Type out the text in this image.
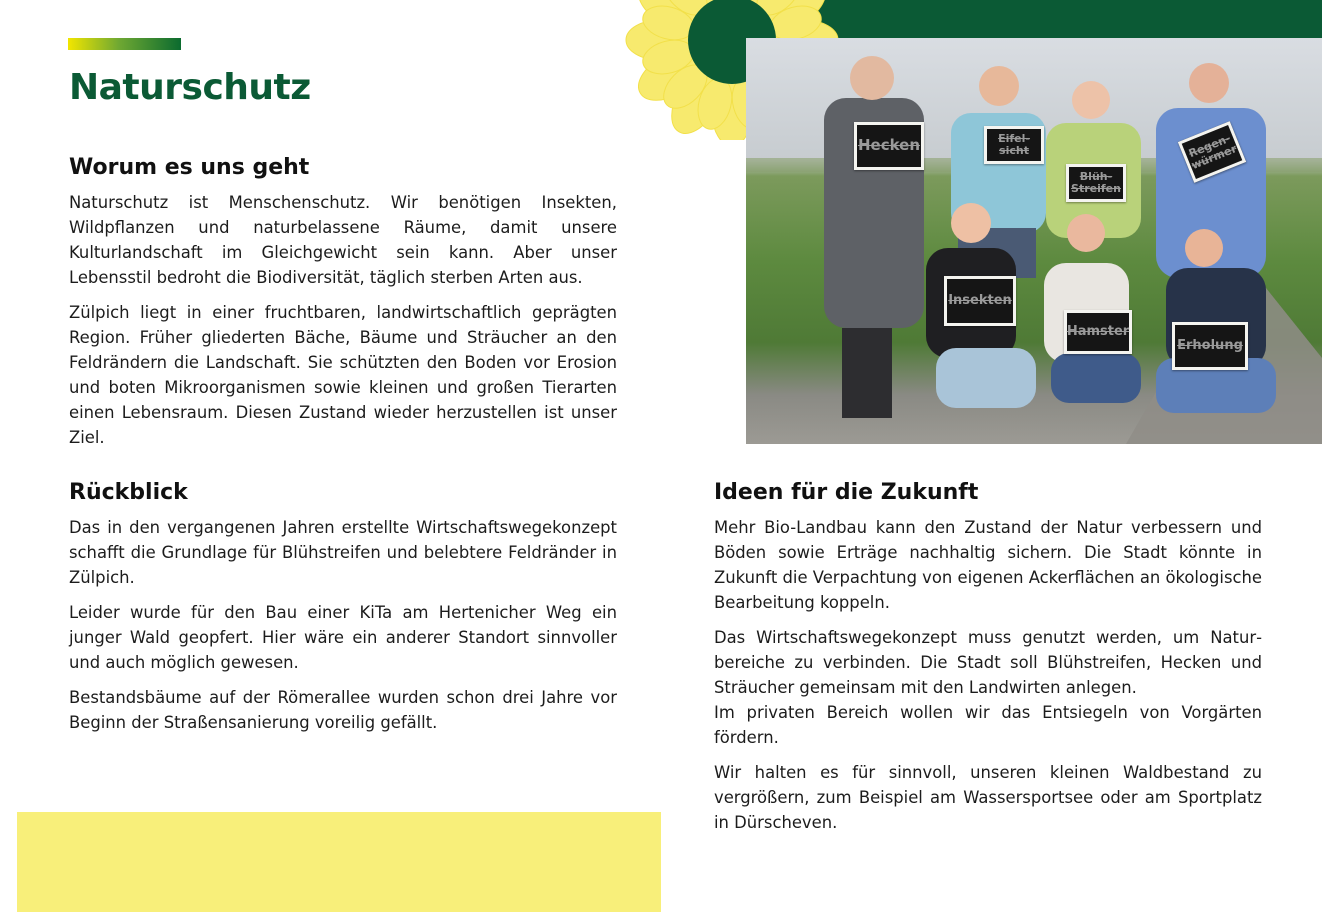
Naturschutz
Worum es uns geht

Naturschutz ist Menschenschutz. Wir benötigen Insekten, Wildpflanzen und naturbelassene Räume, damit unsere Kulturlandschaft im Gleichgewicht sein kann. Aber unser Lebensstil bedroht die Biodiversität, täglich sterben Arten aus.

Zülpich liegt in einer fruchtbaren, landwirtschaftlich geprägten Region. Früher gliederten Bäche, Bäume und Sträucher an den Feldrändern die Landschaft. Sie schützten den Boden vor Erosion und boten Mikroorganismen sowie kleinen und großen Tierarten einen Lebensraum. Diesen Zustand wieder herzustellen ist unser Ziel.

Rückblick

Das in den vergangenen Jahren erstellte Wirtschaftswegekonzept schafft die Grundlage für Blühstreifen und belebtere Feldränder in Zülpich.

Leider wurde für den Bau einer KiTa am Hertenicher Weg ein junger Wald geopfert. Hier wäre ein anderer Standort sinnvoller und auch möglich gewesen.

Bestandsbäume auf der Römerallee wurden schon drei Jahre vor Beginn der Straßensanierung voreilig gefällt.

Hecken	Eifel-sicht
Blüh-Streifen
Regen-würmer
Insekten
Hamster
Erholung
Ideen für die Zukunft

Mehr Bio-Landbau kann den Zustand der Natur verbessern und Böden sowie Erträge nachhaltig sichern. Die Stadt könnte in Zukunft die Verpachtung von eigenen Ackerflächen an ökologische Bearbeitung koppeln.

Das Wirtschaftswegekonzept muss genutzt werden, um Naturbereiche zu verbinden. Die Stadt soll Blühstreifen, Hecken und Sträucher gemeinsam mit den Landwirten anlegen.

Im privaten Bereich wollen wir das Entsiegeln von Vorgärten fördern.

Wir halten es für sinnvoll, unseren kleinen Waldbestand zu vergrößern, zum Beispiel am Wassersportsee oder am Sportplatz in Dürscheven.
